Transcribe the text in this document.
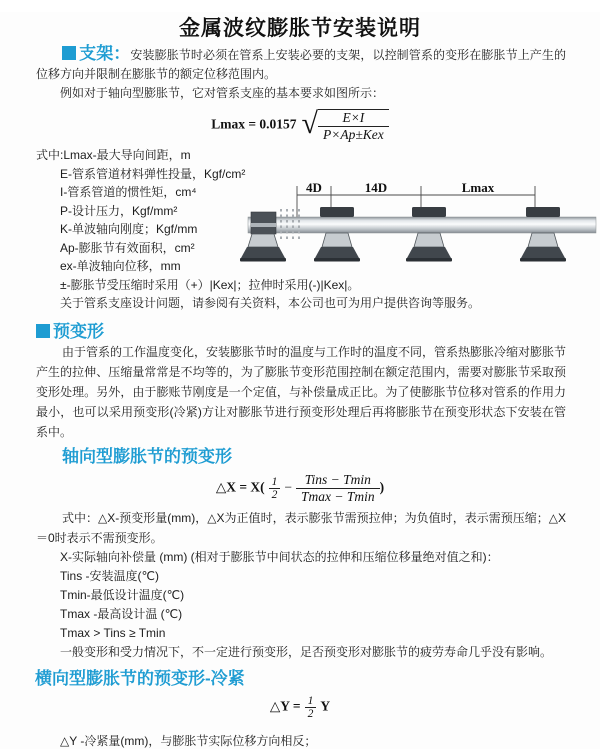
金属波纹膨胀节安装说明

支架：安装膨胀节时必须在管系上安装必要的支架，以控制管系的变形在膨胀节上产生的位移方向并限制在膨胀节的额定位移范围内。

例如对于轴向型膨胀节，它对管系支座的基本要求如图所示：

Lmax = 0.0157 √ $\frac{E\times I}{\text{P×Ap±Kex}}$
式中:Lmax-最大导向间距，m
E-管系管道材料弹性投量，Kgf/cm²
I-管系管道的惯性矩，cm⁴
P-设计压力，Kgf/mm²
K-单波轴向刚度；Kgf/mm
Ap-膨胀节有效面积，cm²
ex-单波轴向位移，mm
4D	14D	Lmax

±-膨胀节受压缩时采用（+）|Kex|；拉伸时采用(-)|Kex|。

关于管系支座设计问题，请参阅有关资料，本公司也可为用户提供咨询等服务。

预变形

由于管系的工作温度变化，安装膨胀节时的温度与工作时的温度不同，管系热膨胀冷缩对膨胀节产生的拉伸、压缩量常常是不均等的，为了膨胀节变形范围控制在额定范围内，需要对膨胀节采取预变形处理。另外，由于膨账节刚度是一个定值，与补偿量成正比。为了使膨胀节位移对管系的作用力最小，也可以采用预变形(冷紧)方让对膨胀节进行预变形处理后再将膨胀节在预变形状态下安装在管系中。

轴向型膨胀节的预变形
△X = $X( \frac{1}{2} - \frac{\text{Tins − Tmin}}{Tmax - Tmin}$ )

式中：△X-预变形量(mm)，△X为正值时，表示膨张节需预拉伸；为负值时，表示需预压缩；△X＝0时表示不需预变形。

X-实际轴向补偿量 (mm) (相对于膨胀节中间状态的拉伸和压缩位移量绝对值之和)：

Tins -安装温度(℃)

Tmin-最低设计温度(℃)

Tmax -最高设计温 (℃)

Tmax > Tins ≥ Tmin

一般变形和受力情况下，不一定进行预变形，足否预变形对膨胀节的疲劳寿命几乎没有影响。

横向型膨胀节的预变形-冷紧
△Y = $\frac{1}{2}$ Y

△Y -冷紧量(mm)，与膨胀节实际位移方向相反；
